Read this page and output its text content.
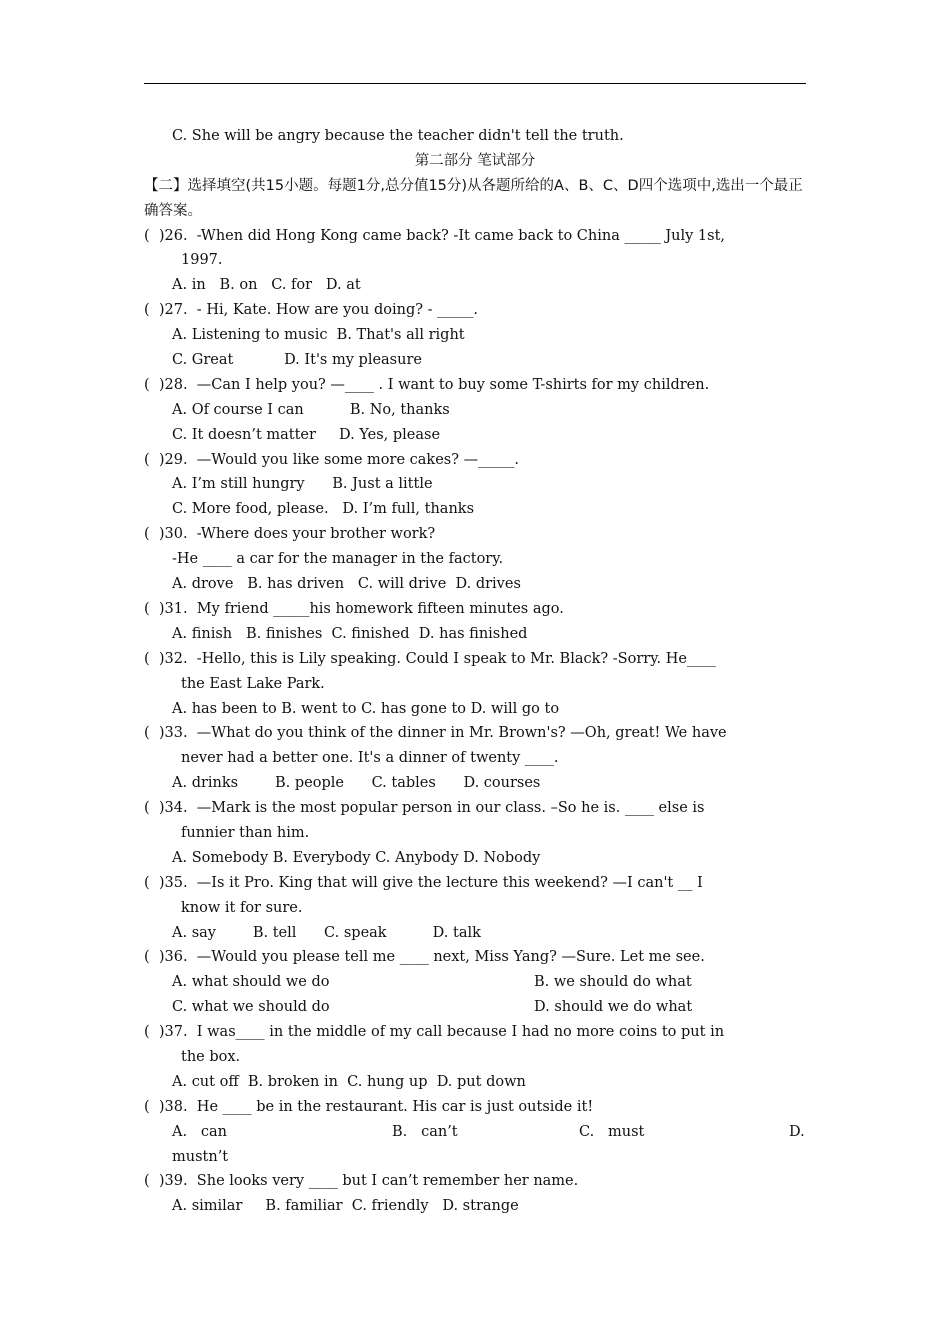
C. She will be angry because the teacher didn't tell the truth.
第二部分 笔试部分
【二】选择填空(共15小题。每题1分,总分值15分)从各题所给的A、B、C、D四个选项中,选出一个最正确答案。
(  )26.  -When did Hong Kong came back? -It came back to China _____ July 1st,
1997.
A. in   B. on   C. for   D. at
(  )27.  - Hi, Kate. How are you doing? - _____.
A. Listening to music  B. That's all right
C. Great           D. It's my pleasure
(  )28.  —Can I help you? —____ . I want to buy some T-shirts for my children.
A. Of course I can          B. No, thanks
C. It doesn’t matter     D. Yes, please
(  )29.  —Would you like some more cakes? —_____.
A. I’m still hungry      B. Just a little
C. More food, please.   D. I’m full, thanks
(  )30.  -Where does your brother work?
-He ____ a car for the manager in the factory.
A. drove   B. has driven   C. will drive  D. drives
(  )31.  My friend _____his homework fifteen minutes ago.
A. finish   B. finishes  C. finished  D. has finished
(  )32.  -Hello, this is Lily speaking. Could I speak to Mr. Black? -Sorry. He____
the East Lake Park.
A. has been to B. went to C. has gone to D. will go to
(  )33.  —What do you think of the dinner in Mr. Brown's? —Oh, great! We have
never had a better one. It's a dinner of twenty ____.
A. drinks        B. people      C. tables      D. courses
(  )34.  —Mark is the most popular person in our class. –So he is. ____ else is
funnier than him.
A. Somebody B. Everybody C. Anybody D. Nobody
(  )35.  —Is it Pro. King that will give the lecture this weekend? —I can't __ I
know it for sure.
A. say        B. tell      C. speak          D. talk
(  )36.  —Would you please tell me ____ next, Miss Yang? —Sure. Let me see.
A. what should we do	B. we should do what
C. what we should do	D. should we do what
(  )37.  I was____ in the middle of my call because I had no more coins to put in
the box.
A. cut off  B. broken in  C. hung up  D. put down
(  )38.  He ____ be in the restaurant. His car is just outside it!
A.   can	B.   can’t	C.   must	D.
mustn’t
(  )39.  She looks very ____ but I can’t remember her name.
A. similar     B. familiar  C. friendly   D. strange
